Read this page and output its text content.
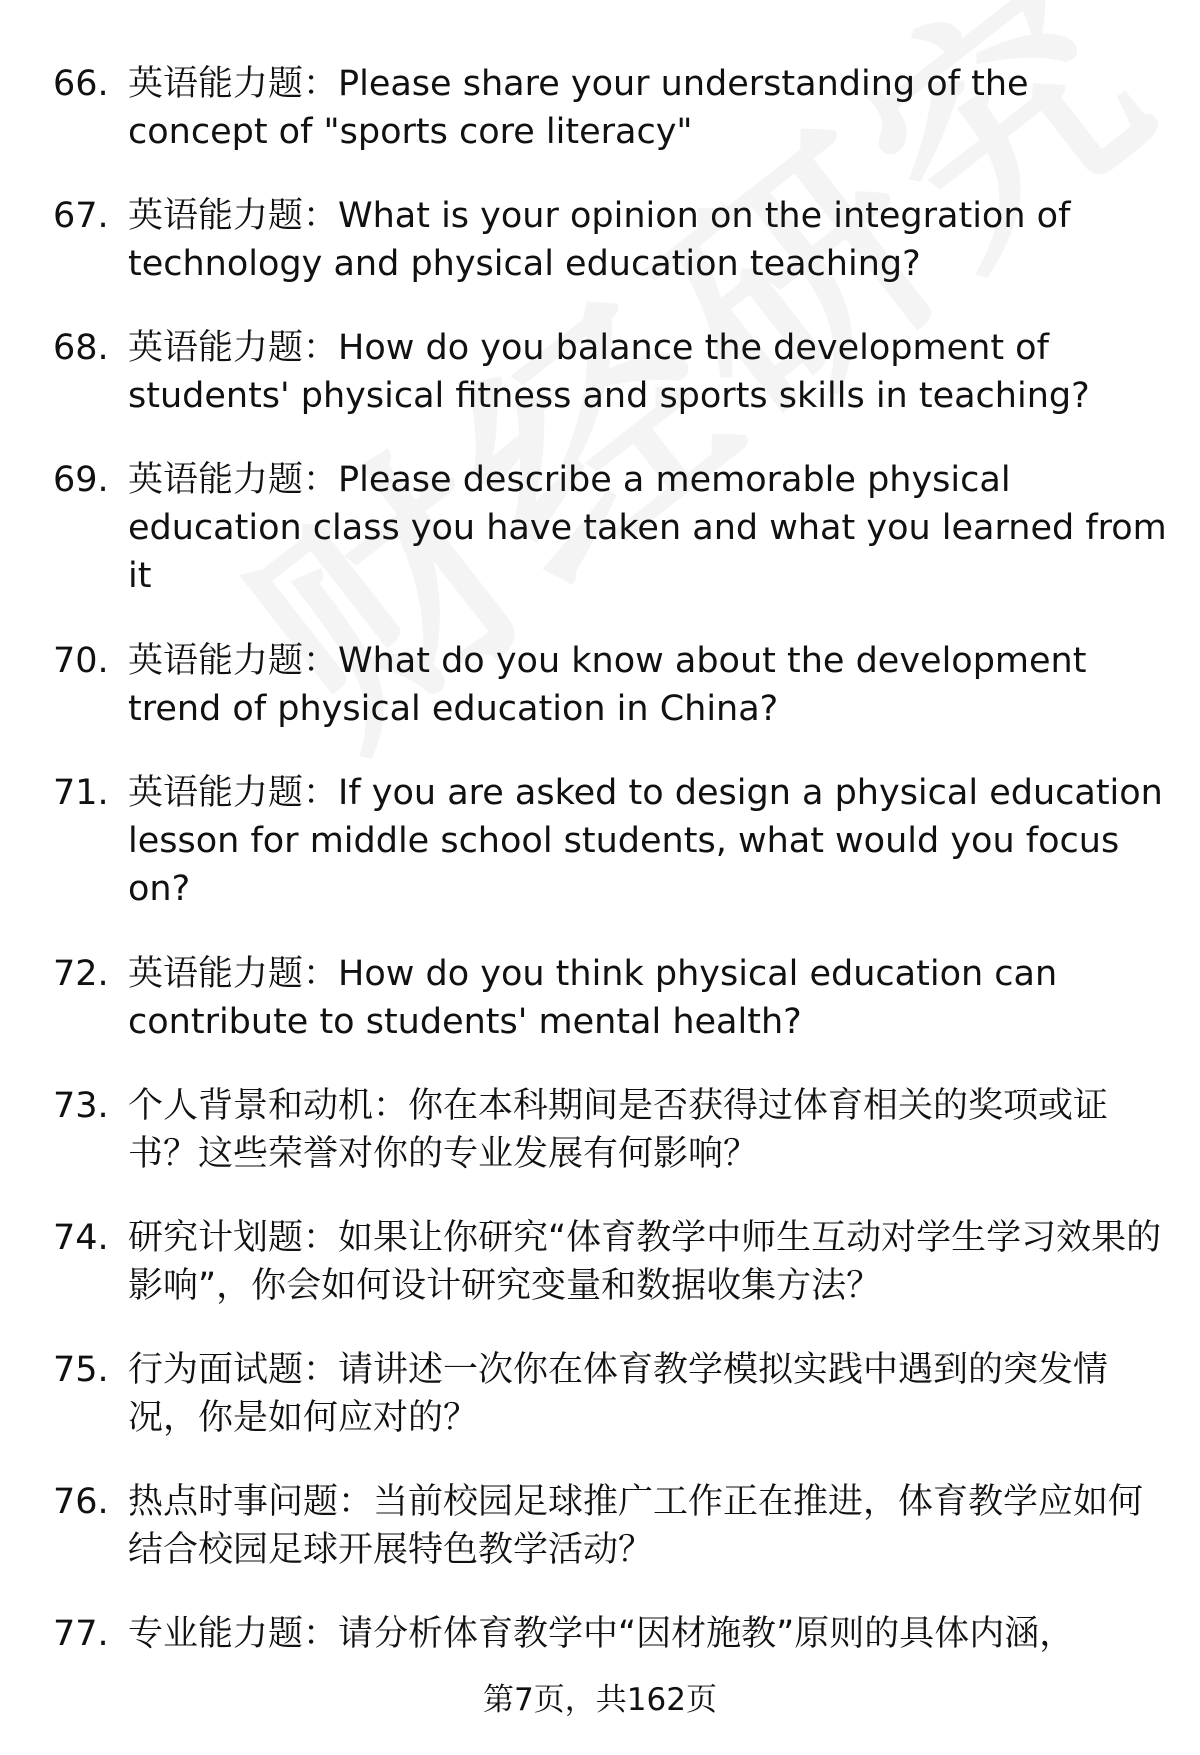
66. 英语能力题：Please share your understanding of the concept of "sports core literacy"
67. 英语能力题：What is your opinion on the integration of technology and physical education teaching?
68. 英语能力题：How do you balance the development of students' physical fitness and sports skills in teaching?
69. 英语能力题：Please describe a memorable physical education class you have taken and what you learned from it
70. 英语能力题：What do you know about the development trend of physical education in China?
71. 英语能力题：If you are asked to design a physical education lesson for middle school students, what would you focus on?
72. 英语能力题：How do you think physical education can contribute to students' mental health?
73. 个人背景和动机：你在本科期间是否获得过体育相关的奖项或证书？这些荣誉对你的专业发展有何影响？
74. 研究计划题：如果让你研究“体育教学中师生互动对学生学习效果的影响”，你会如何设计研究变量和数据收集方法？
75. 行为面试题：请讲述一次你在体育教学模拟实践中遇到的突发情况，你是如何应对的？
76. 热点时事问题：当前校园足球推广工作正在推进，体育教学应如何结合校园足球开展特色教学活动？
77. 专业能力题：请分析体育教学中“因材施教”原则的具体内涵，
第7页，共162页
